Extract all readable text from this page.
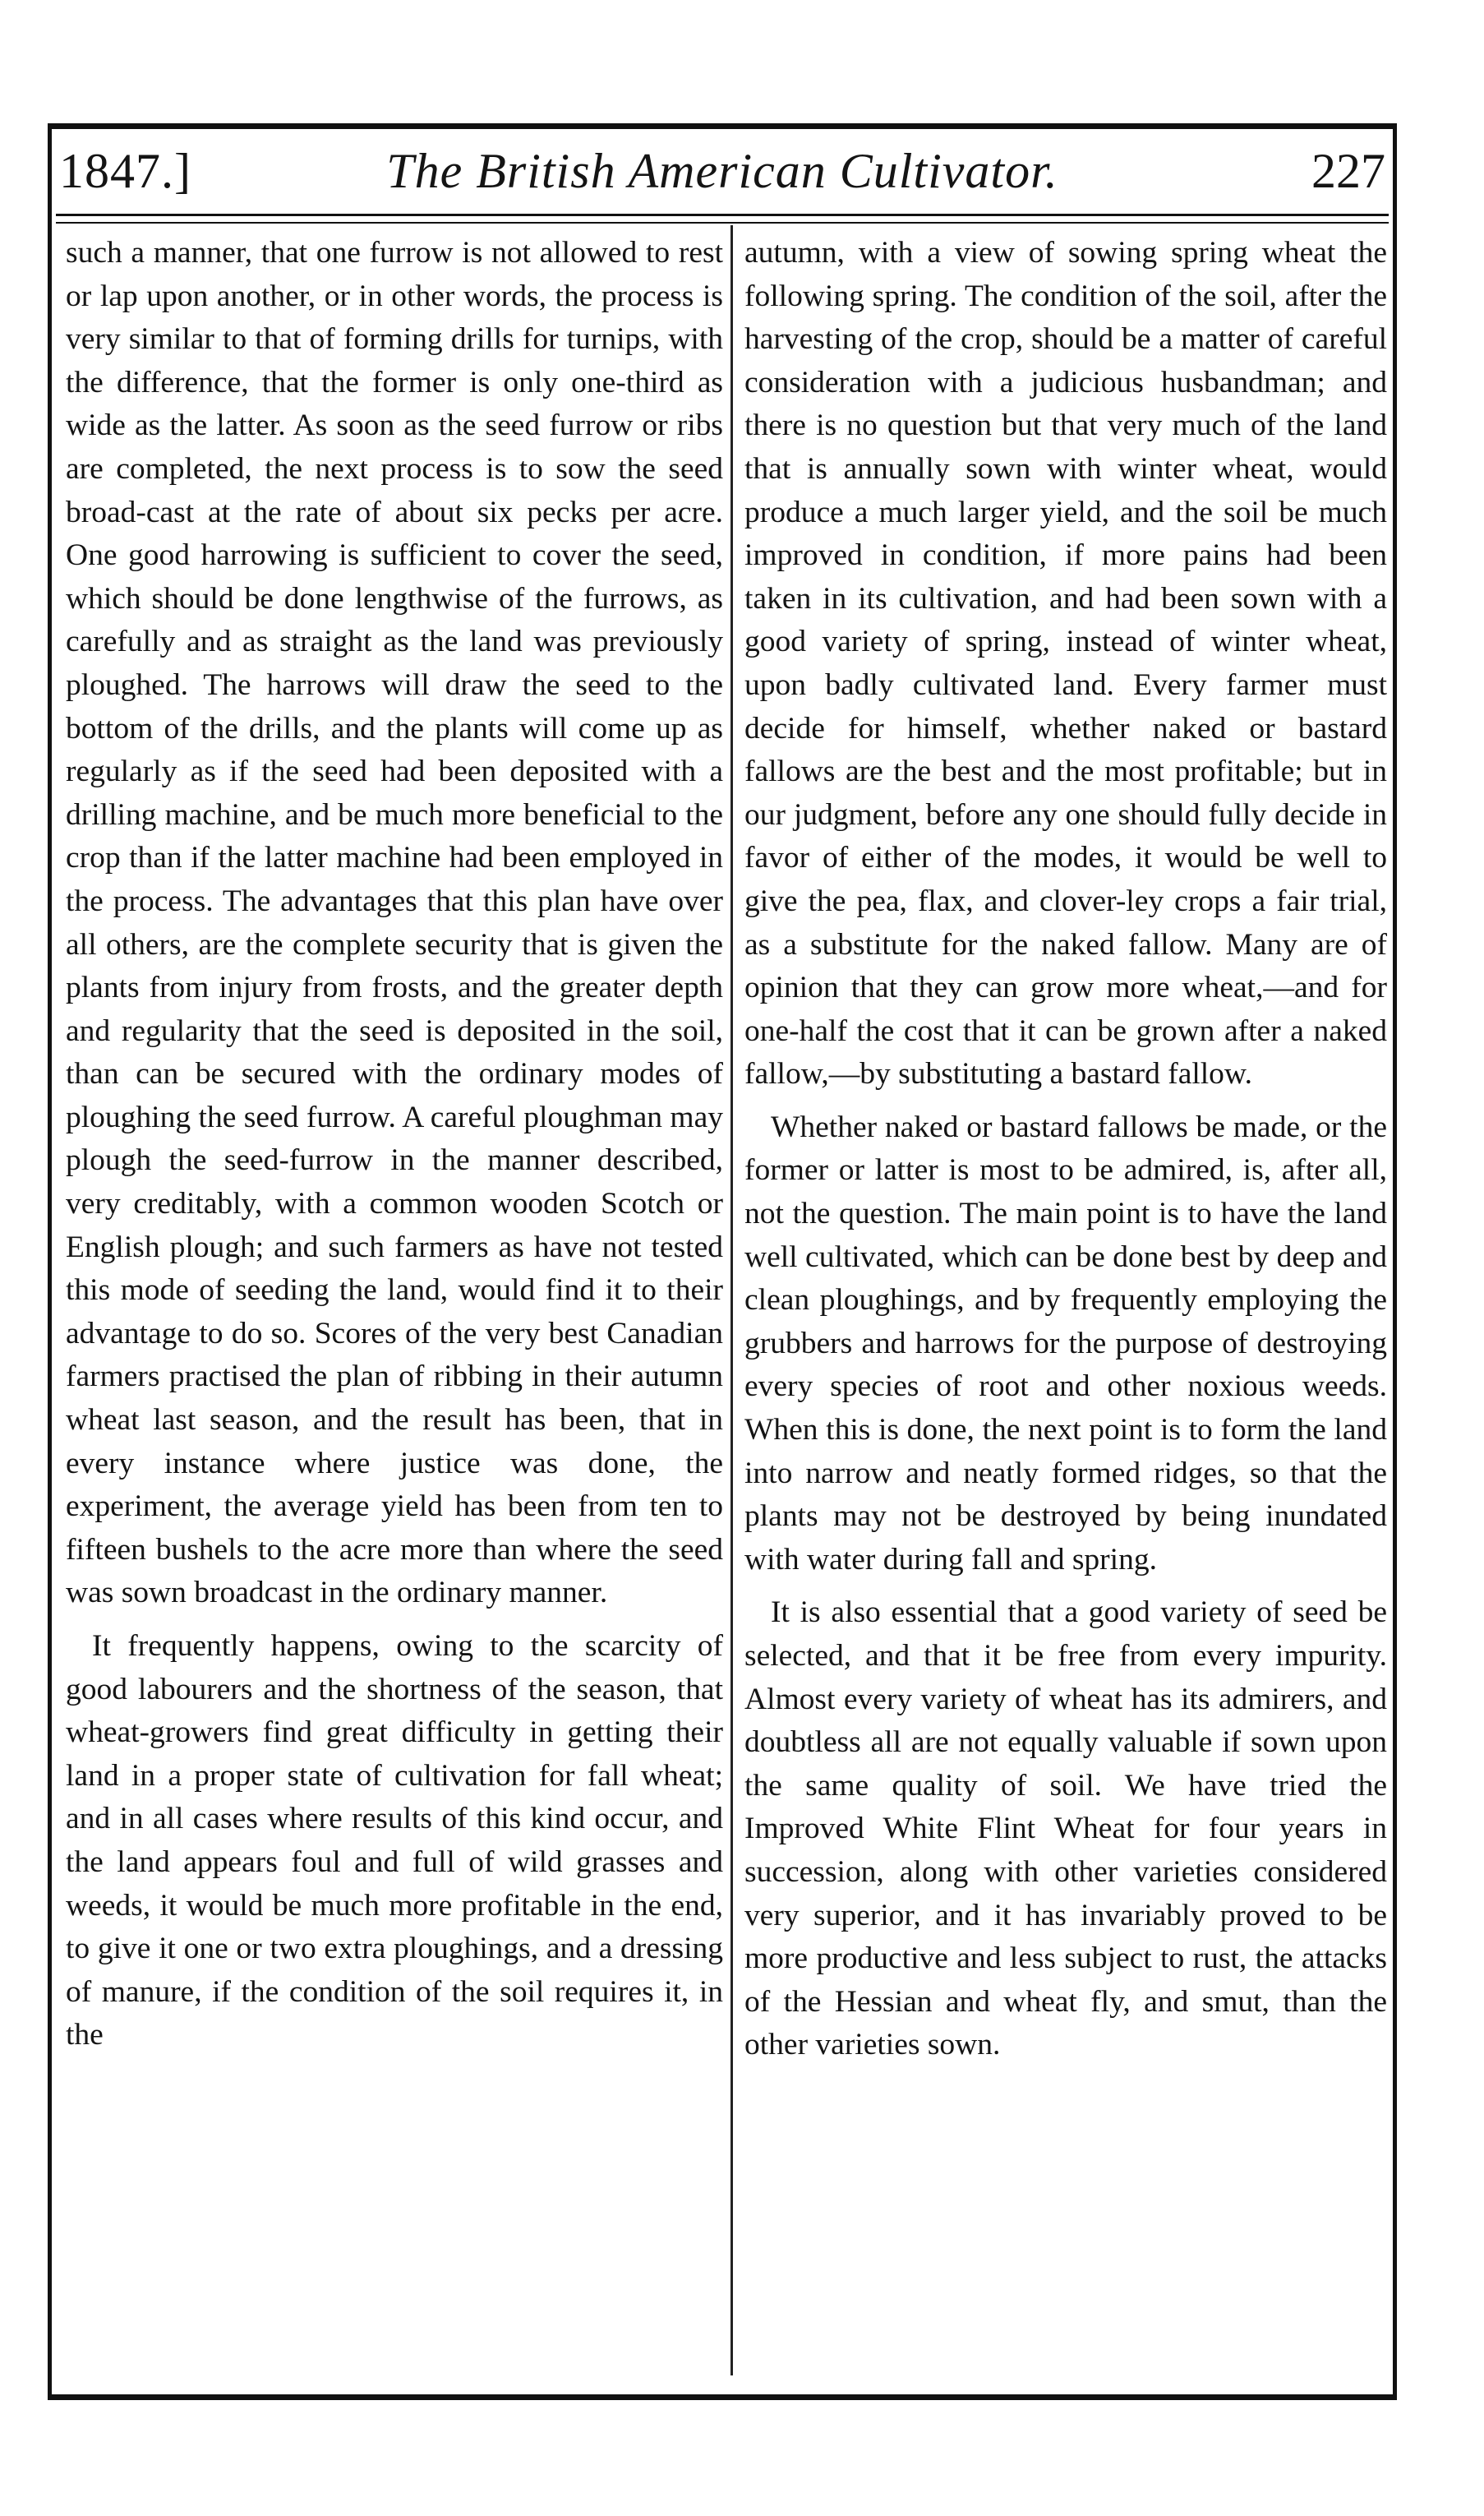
1847.]	The British American Cultivator.	227

such a manner, that one furrow is not allowed to rest or lap upon another, or in other words, the process is very similar to that of forming drills for turnips, with the difference, that the former is only one-third as wide as the latter. As soon as the seed furrow or ribs are completed, the next process is to sow the seed broad-cast at the rate of about six pecks per acre. One good harrowing is sufficient to cover the seed, which should be done lengthwise of the furrows, as carefully and as straight as the land was previously ploughed. The harrows will draw the seed to the bottom of the drills, and the plants will come up as regularly as if the seed had been deposited with a drilling machine, and be much more beneficial to the crop than if the latter machine had been employed in the process. The advantages that this plan have over all others, are the complete security that is given the plants from injury from frosts, and the greater depth and regularity that the seed is deposited in the soil, than can be secured with the ordinary modes of ploughing the seed furrow. A careful ploughman may plough the seed-furrow in the manner described, very creditably, with a common wooden Scotch or English plough; and such farmers as have not tested this mode of seeding the land, would find it to their advantage to do so. Scores of the very best Canadian farmers practised the plan of ribbing in their autumn wheat last season, and the result has been, that in every instance where justice was done, the experiment, the average yield has been from ten to fifteen bushels to the acre more than where the seed was sown broadcast in the ordinary manner.

It frequently happens, owing to the scarcity of good labourers and the shortness of the season, that wheat-growers find great difficulty in getting their land in a proper state of cultivation for fall wheat; and in all cases where results of this kind occur, and the land appears foul and full of wild grasses and weeds, it would be much more profitable in the end, to give it one or two extra ploughings, and a dressing of manure, if the condition of the soil requires it, in the

autumn, with a view of sowing spring wheat the following spring. The condition of the soil, after the harvesting of the crop, should be a matter of careful consideration with a judicious husbandman; and there is no question but that very much of the land that is annually sown with winter wheat, would produce a much larger yield, and the soil be much improved in condition, if more pains had been taken in its cultivation, and had been sown with a good variety of spring, instead of winter wheat, upon badly cultivated land. Every farmer must decide for himself, whether naked or bastard fallows are the best and the most profitable; but in our judgment, before any one should fully decide in favor of either of the modes, it would be well to give the pea, flax, and clover-ley crops a fair trial, as a substitute for the naked fallow. Many are of opinion that they can grow more wheat,—and for one-half the cost that it can be grown after a naked fallow,—by substituting a bastard fallow.

Whether naked or bastard fallows be made, or the former or latter is most to be admired, is, after all, not the question. The main point is to have the land well cultivated, which can be done best by deep and clean ploughings, and by frequently employing the grubbers and harrows for the purpose of destroying every species of root and other noxious weeds. When this is done, the next point is to form the land into narrow and neatly formed ridges, so that the plants may not be destroyed by being inundated with water during fall and spring.

It is also essential that a good variety of seed be selected, and that it be free from every impurity. Almost every variety of wheat has its admirers, and doubtless all are not equally valuable if sown upon the same quality of soil. We have tried the Improved White Flint Wheat for four years in succession, along with other varieties considered very superior, and it has invariably proved to be more productive and less subject to rust, the attacks of the Hessian and wheat fly, and smut, than the other varieties sown.
